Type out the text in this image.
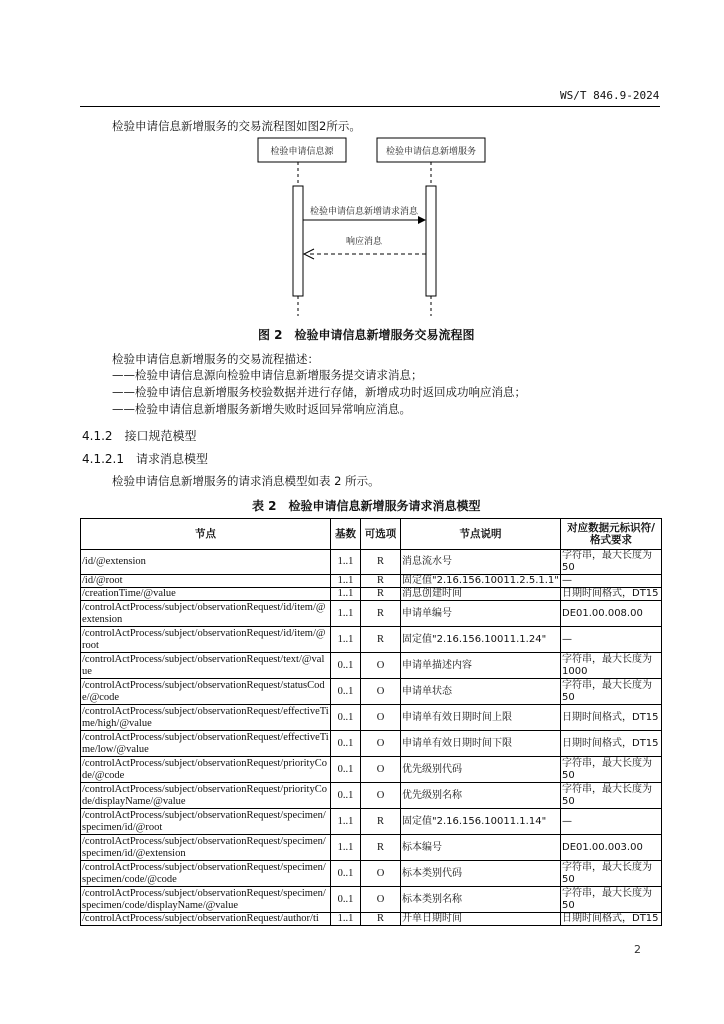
WS/T 846.9-2024
检验申请信息新增服务的交易流程图如图2所示。
检验申请信息源	检验申请信息新增服务
检验申请信息新增请求消息
响应消息
图 2　检验申请信息新增服务交易流程图
检验申请信息新增服务的交易流程描述：
——检验申请信息源向检验申请信息新增服务提交请求消息；
——检验申请信息新增服务校验数据并进行存储，新增成功时返回成功响应消息；
——检验申请信息新增服务新增失败时返回异常响应消息。
4.1.2　接口规范模型
4.1.2.1　请求消息模型
检验申请信息新增服务的请求消息模型如表 2 所示。
表 2　检验申请信息新增服务请求消息模型
节点	基数	可选项	节点说明	对应数据元标识符/
格式要求
/id/@extension	1..1	R	消息流水号	字符串，最大长度为50
/id/@root	1..1	R	固定值"2.16.156.10011.2.5.1.1"	—
/creationTime/@value	1..1	R	消息创建时间	日期时间格式，DT15
/controlActProcess/subject/observationRequest/id/item/@extension	1..1	R	申请单编号	DE01.00.008.00
/controlActProcess/subject/observationRequest/id/item/@root	1..1	R	固定值"2.16.156.10011.1.24"	—
/controlActProcess/subject/observationRequest/text/@value	0..1	O	申请单描述内容	字符串，最大长度为1000
/controlActProcess/subject/observationRequest/statusCode/@code	0..1	O	申请单状态	字符串，最大长度为50
/controlActProcess/subject/observationRequest/effectiveTime/high/@value	0..1	O	申请单有效日期时间上限	日期时间格式，DT15
/controlActProcess/subject/observationRequest/effectiveTime/low/@value	0..1	O	申请单有效日期时间下限	日期时间格式，DT15
/controlActProcess/subject/observationRequest/priorityCode/@code	0..1	O	优先级别代码	字符串，最大长度为50
/controlActProcess/subject/observationRequest/priorityCode/displayName/@value	0..1	O	优先级别名称	字符串，最大长度为50
/controlActProcess/subject/observationRequest/specimen/specimen/id/@root	1..1	R	固定值"2.16.156.10011.1.14"	—
/controlActProcess/subject/observationRequest/specimen/specimen/id/@extension	1..1	R	标本编号	DE01.00.003.00
/controlActProcess/subject/observationRequest/specimen/specimen/code/@code	0..1	O	标本类别代码	字符串，最大长度为50
/controlActProcess/subject/observationRequest/specimen/specimen/code/displayName/@value	0..1	O	标本类别名称	字符串，最大长度为50
/controlActProcess/subject/observationRequest/author/ti	1..1	R	开单日期时间	日期时间格式，DT15
2
